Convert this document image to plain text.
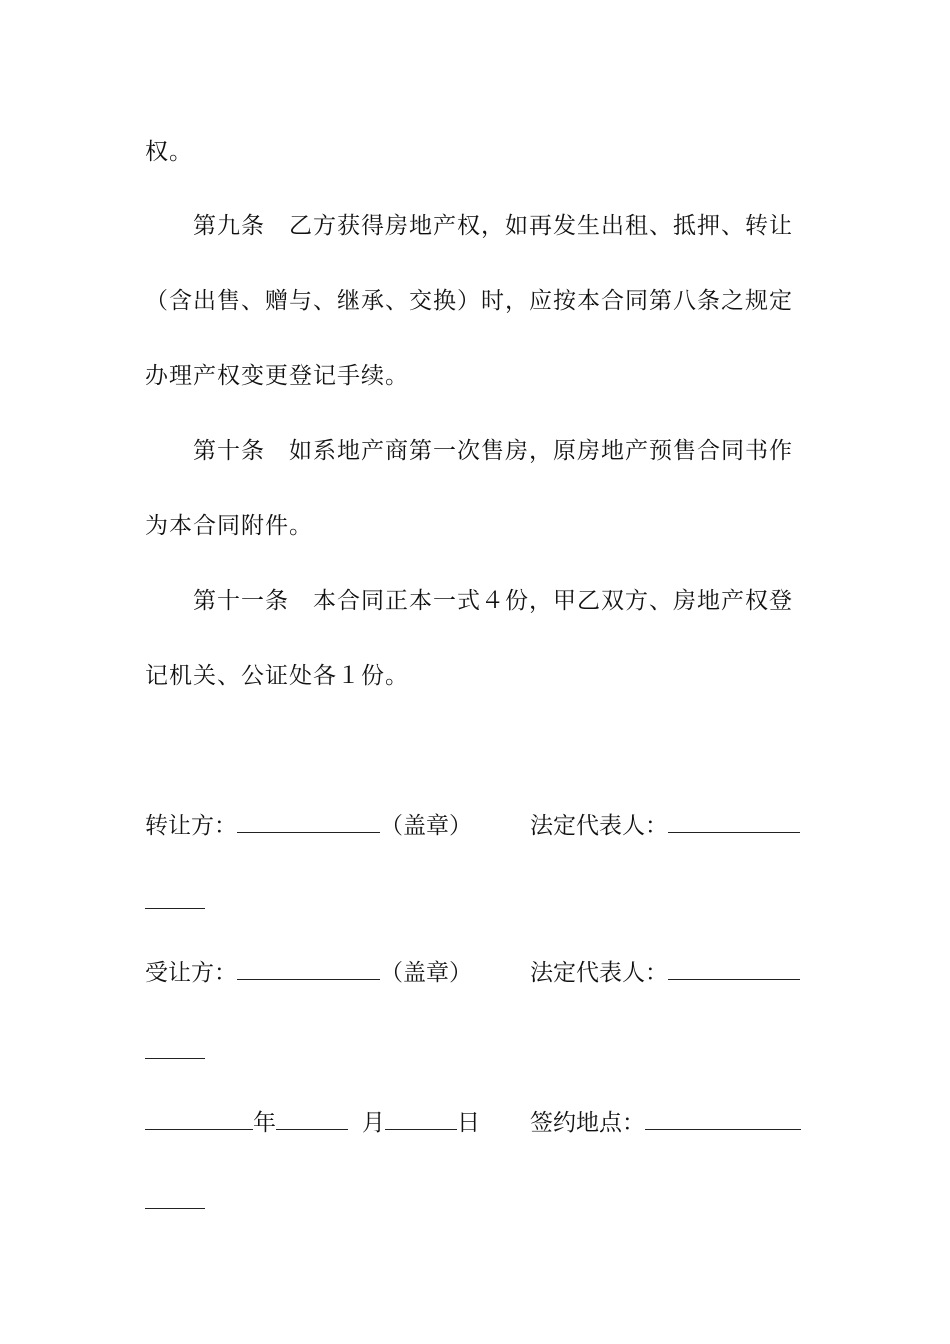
权。
第九条　乙方获得房地产权，如再发生出租、抵押、转让
（含出售、赠与、继承、交换）时，应按本合同第八条之规定
办理产权变更登记手续。
第十条　如系地产商第一次售房，原房地产预售合同书作
为本合同附件。
第十一条　本合同正本一式４份，甲乙双方、房地产权登
记机关、公证处各１份。
转让方：	（盖章）	法定代表人：
受让方：	（盖章）	法定代表人：
年	月	日 签约地点：
